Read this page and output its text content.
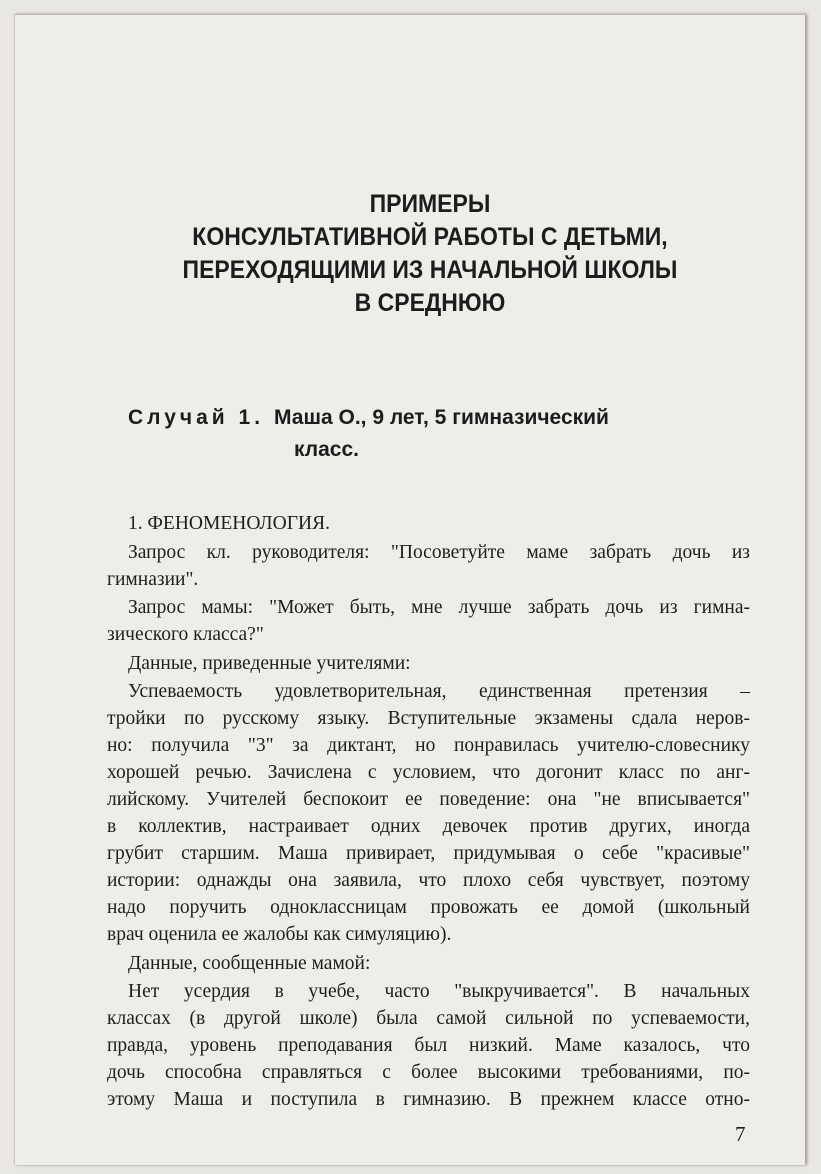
ПРИМЕРЫ
КОНСУЛЬТАТИВНОЙ РАБОТЫ С ДЕТЬМИ,
ПЕРЕХОДЯЩИМИ ИЗ НАЧАЛЬНОЙ ШКОЛЫ
В СРЕДНЮЮ
Случай 1. Маша О., 9 лет, 5 гимназический
класс.
1. ФЕНОМЕНОЛОГИЯ.
Запрос кл. руководителя: "Посоветуйте маме забрать дочь из
гимназии".
Запрос мамы: "Может быть, мне лучше забрать дочь из гимна-
зического класса?"
Данные, приведенные учителями:
Успеваемость удовлетворительная, единственная претензия –
тройки по русскому языку. Вступительные экзамены сдала неров-
но: получила "3" за диктант, но понравилась учителю-словеснику
хорошей речью. Зачислена с условием, что догонит класс по анг-
лийскому. Учителей беспокоит ее поведение: она "не вписывается"
в коллектив, настраивает одних девочек против других, иногда
грубит старшим. Маша привирает, придумывая о себе "красивые"
истории: однажды она заявила, что плохо себя чувствует, поэтому
надо поручить одноклассницам провожать ее домой (школьный
врач оценила ее жалобы как симуляцию).
Данные, сообщенные мамой:
Нет усердия в учебе, часто "выкручивается". В начальных
классах (в другой школе) была самой сильной по успеваемости,
правда, уровень преподавания был низкий. Маме казалось, что
дочь способна справляться с более высокими требованиями, по-
этому Маша и поступила в гимназию. В прежнем классе отно-
7
